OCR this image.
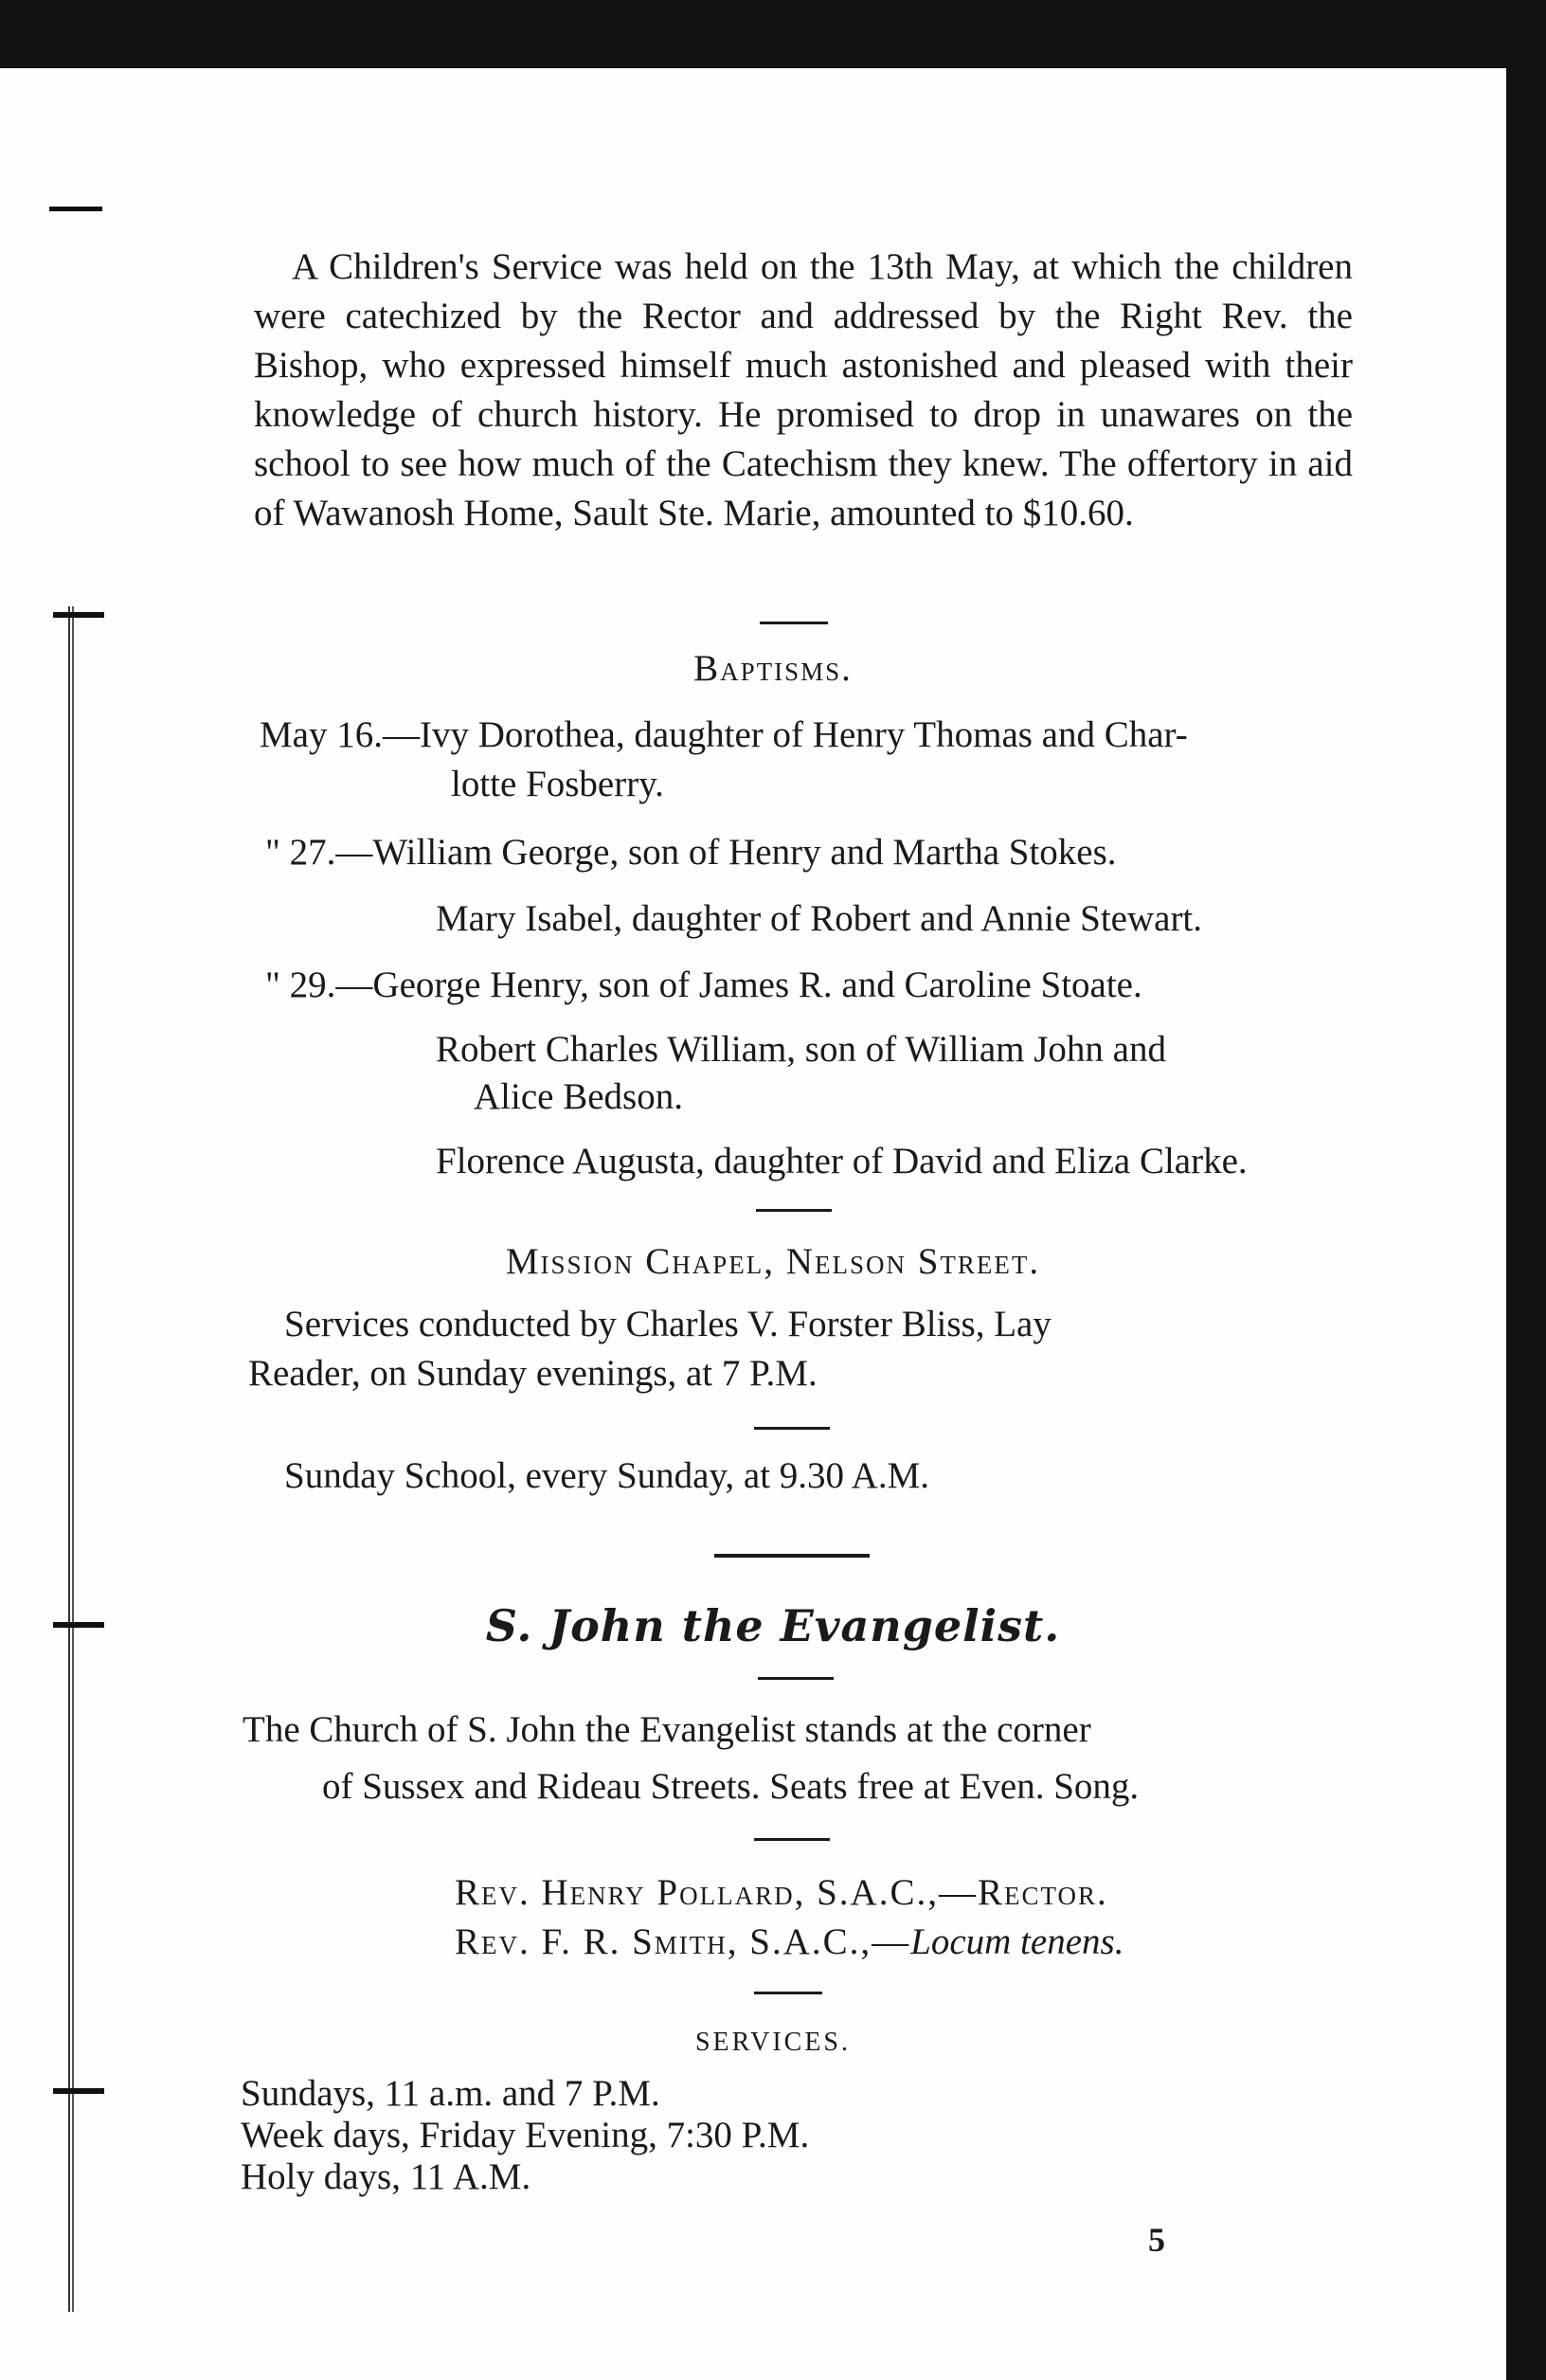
A Children's Service was held on the 13th May, at which the children were catechized by the Rector and addressed by the Right Rev. the Bishop, who expressed himself much astonished and pleased with their knowledge of church history. He promised to drop in unawares on the school to see how much of the Catechism they knew. The offertory in aid of Wawanosh Home, Sault Ste. Marie, amounted to $10.60.

Baptisms.
May 16.—Ivy Dorothea, daughter of Henry Thomas and Char-
lotte Fosberry.
" 27.—William George, son of Henry and Martha Stokes.
Mary Isabel, daughter of Robert and Annie Stewart.
" 29.—George Henry, son of James R. and Caroline Stoate.
Robert Charles William, son of William John and
Alice Bedson.
Florence Augusta, daughter of David and Eliza Clarke.
Mission Chapel, Nelson Street.
Services conducted by Charles V. Forster Bliss, Lay
Reader, on Sunday evenings, at 7 P.M.
Sunday School, every Sunday, at 9.30 A.M.
S. John the Evangelist.
The Church of S. John the Evangelist stands at the corner
of Sussex and Rideau Streets. Seats free at Even. Song.
Rev. Henry Pollard, S.A.C.,—Rector.
Rev. F. R. Smith, S.A.C.,—Locum tenens.
SERVICES.
Sundays, 11 a.m. and 7 P.M.
Week days, Friday Evening, 7:30 P.M.
Holy days, 11 A.M.
5
